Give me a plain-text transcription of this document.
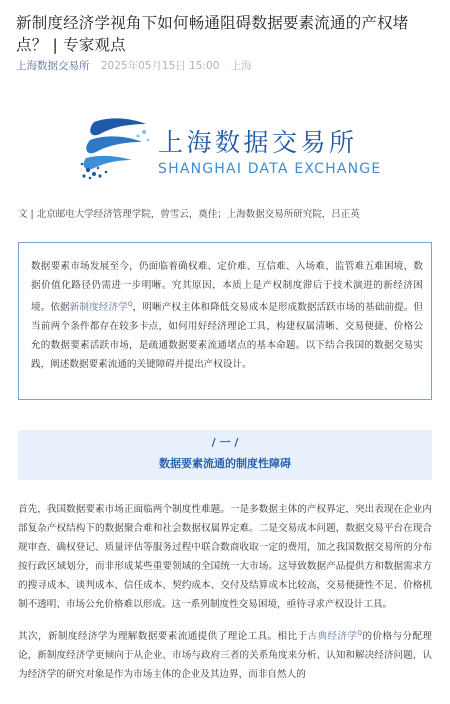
新制度经济学视角下如何畅通阻碍数据要素流通的产权堵点？ | 专家观点
上海数据交易所 2025年05月15日 15:00 上海
上海数据交易所
SHANGHAI DATA EXCHANGE
文 | 北京邮电大学经济管理学院，曾雪云，奠佳；上海数据交易所研究院，吕正英
数据要素市场发展至今，仍面临着确权难、定价难、互信难、入场难、监管难五难困境，数据价值化路径仍需进一步明晰。究其原因，本质上是产权制度滞后于技术演进的新经济困境。依据新制度经济学$^Q$，明晰产权主体和降低交易成本是形成数据活跃市场的基础前提。但当前两个条件都存在较多卡点，如何用好经济理论工具，构建权属清晰、交易便捷、价格公允的数据要素活跃市场，是疏通数据要素流通堵点的基本命题。以下结合我国的数据交易实践，阐述数据要素流通的关键障碍并提出产权设计。
/ 一 /
数据要素流通的制度性障碍
首先，我国数据要素市场正面临两个制度性难题。一是多数据主体的产权界定，突出表现在企业内部复杂产权结构下的数据聚合难和社会数据权属界定难。二是交易成本问题，数据交易平台在现合规审查、确权登记、质量评估等服务过程中联合数商收取一定的费用，加之我国数据交易所的分布按行政区域划分，而非形成某些重要领域的全国统一大市场。这导致数据产品提供方和数据需求方的搜寻成本、谈判成本、信任成本、契约成本、交付及结算成本比较高，交易便捷性不足、价格机制不透明、市场公允价格难以形成。这一系列制度性交易困境，亟待寻求产权设计工具。
其次，新制度经济学为理解数据要素流通提供了理论工具。相比于古典经济学$^Q$的价格与分配理论，新制度经济学更倾向于从企业、市场与政府三者的关系角度来分析、认知和解决经济问题，认为经济学的研究对象是作为市场主体的企业及其边界，而非自然人的
